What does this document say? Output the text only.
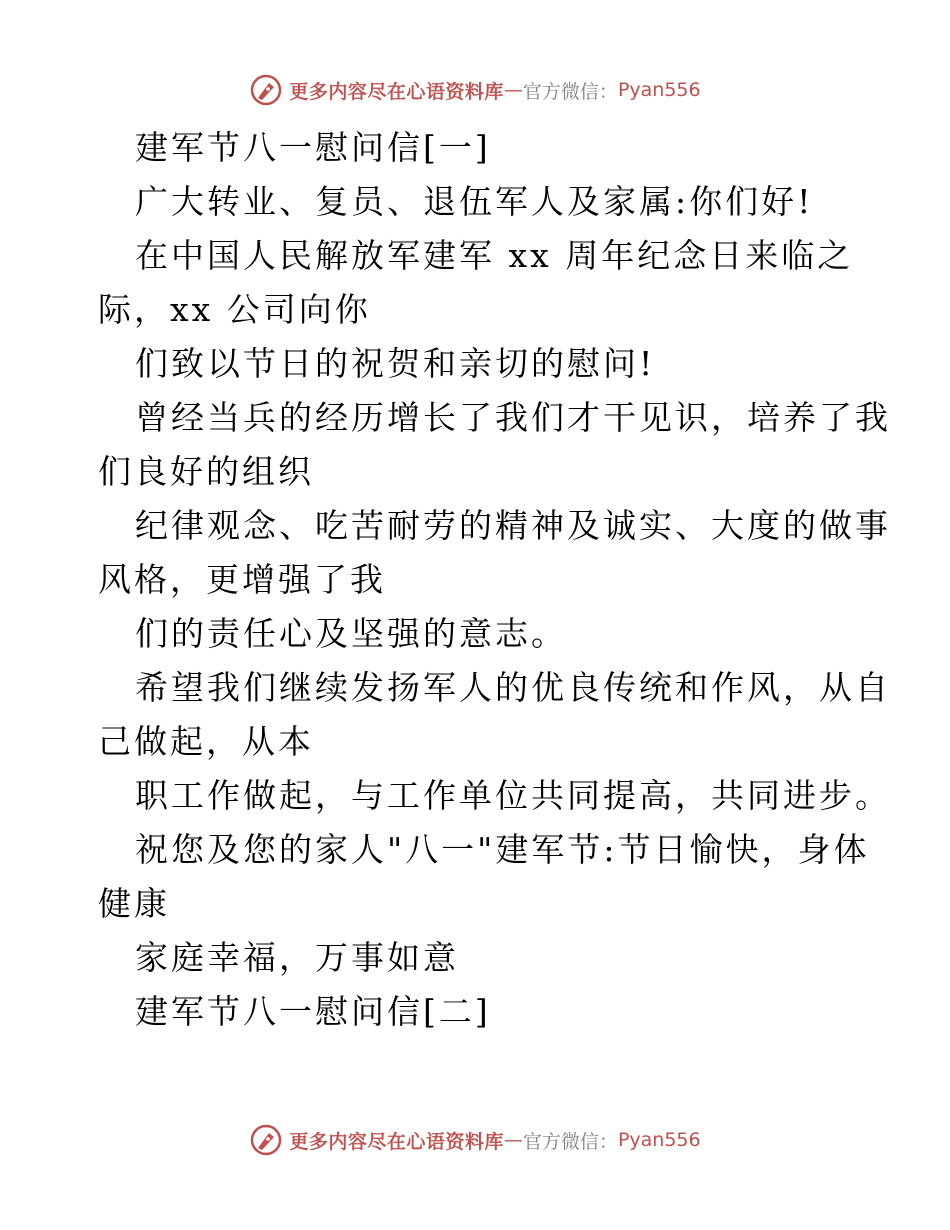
更多内容尽在心语资料库 — 官方微信： Pyan556
建军节八一慰问信[一]
广大转业、复员、退伍军人及家属:你们好!
在中国人民解放军建军 xx 周年纪念日来临之
际，xx 公司向你
们致以节日的祝贺和亲切的慰问!
曾经当兵的经历增长了我们才干见识，培养了我
们良好的组织
纪律观念、吃苦耐劳的精神及诚实、大度的做事
风格，更增强了我
们的责任心及坚强的意志。
希望我们继续发扬军人的优良传统和作风，从自
己做起，从本
职工作做起，与工作单位共同提高，共同进步。
祝您及您的家人"八一"建军节:节日愉快，身体
健康
家庭幸福，万事如意
建军节八一慰问信[二]
更多内容尽在心语资料库 — 官方微信： Pyan556
